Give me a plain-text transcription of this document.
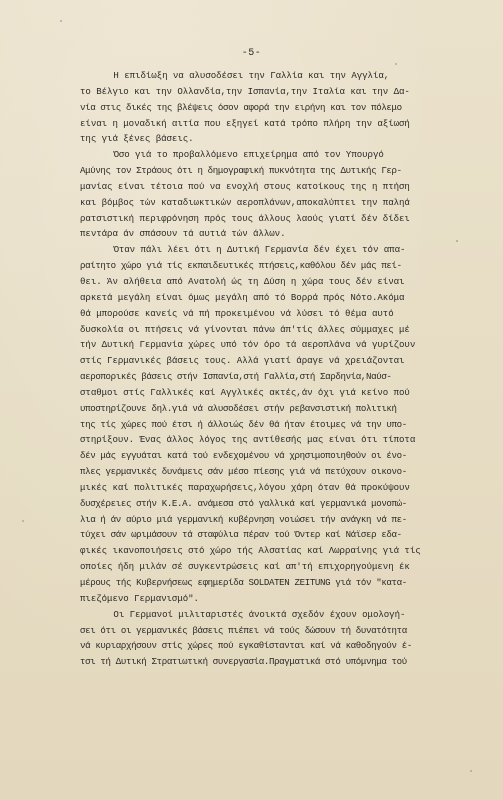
-5-
Η επιδίωξη να αλυσοδέσει την Γαλλία και την Αγγλία,
το Βέλγιο και την Ολλανδία,την Ισπανία,την Ιταλία και την Δα-
νία στις δικές της βλέψεις όσον αφορά την ειρήνη και τον πόλεμο
είναι η μοναδική αιτία που εξηγεί κατά τρόπο πλήρη την αξίωσή
της γιά ξένες βάσεις.
Όσο γιά το προβαλλόμενο επιχείρημα από τον Υπουργό
Αμύνης τον Στράους ότι η δημογραφική πυκνότητα της Δυτικής Γερ-
μανίας είναι τέτοια πού να ενοχλή στους κατοίκους της η πτήση
και βόμβος τών καταδιωκτικών αεροπλάνων,αποκαλύπτει την παληά
ρατσιστική περιφρόνηση πρός τους άλλους λαούς γιατί δέν δίδει
πεντάρα άν σπάσουν τά αυτιά τών άλλων.
Όταν πάλι λέει ότι η Δυτική Γερμανία δέν έχει τόν απα-
ραίτητο χώρο γιά τίς εκπαιδευτικές πτήσεις,καθόλου δέν μάς πεί-
θει. Άν αλήθεια από Ανατολή ώς τη Δύση η χώρα τους δέν είναι
αρκετά μεγάλη είναι όμως μεγάλη από τό Βορρά πρός Νότο.Ακόμα
θά μπορούσε κανείς νά πή προκειμένου νά λύσει τό θέμα αυτό
δυσκολία οι πτήσεις νά γίνονται πάνω άπ'τίς άλλες σύμμαχες μέ
τήν Δυτική Γερμανία χώρες υπό τόν όρο τά αεροπλάνα νά γυρίζουν
στίς Γερμανικές βάσεις τους. Αλλά γιατί άραγε νά χρειάζονται
αεροπορικές βάσεις στήν Ισπανία,στή Γαλλία,στή Σαρδηνία,Ναύσ-
σταθμοι στίς Γαλλικές καί Αγγλικές ακτές,άν όχι γιά κείνο πού
υποστηρίζουνε δηλ.γιά νά αλυσοδέσει στήν ρεβανσιστική πολιτική
της τίς χώρες πού έτσι ή άλλοιώς δέν θά ήταν έτοιμες νά την υπο-
στηρίξουν. Ένας άλλος λόγος της αντίθεσής μας είναι ότι τίποτα
δέν μάς εγγυάται κατά τού ενδεχομένου νά χρησιμοποιηθούν οι ένο-
πλες γερμανικές δυνάμεις σάν μέσο πίεσης γιά νά πετύχουν οικονο-
μικές καί πολιτικές παραχωρήσεις,λόγου χάρη όταν θά προκύψουν
δυσχέρειες στήν Κ.Ε.Α. ανάμεσα στό γαλλικά καί γερμανικά μονοπώ-
λια ή άν αύριο μιά γερμανική κυβέρνηση νοιώσει τήν ανάγκη νά πε-
τύχει σάν ωριμάσουν τά σταφύλια πέραν τού Όντερ καί Νάϊσερ εδα-
φικές ικανοποιήσεις στό χώρο τής Αλσατίας καί Λωρραίνης γιά τίς
οποίες ήδη μιλάν σέ συγκεντρώσεις καί απ'τή επιχορηγούμενη έκ
μέρους τής Κυβερνήσεως εφημερίδα SOLDATEN ZEITUNG γιά τόν "κατα-
πιεζόμενο Γερμανισμό".
Οι Γερμανοί μιλιταριστές άνοικτά σχεδόν έχουν ομολογή-
σει ότι οι γερμανικές βάσεις πιέπει νά τούς δώσουν τή δυνατότητα
νά κυριαρχήσουν στίς χώρες πού εγκαθίστανται καί νά καθοδηγούν έ-
τσι τή Δυτική Στρατιωτική συνεργασία.Πραγματικά στό υπόμνημα τού
